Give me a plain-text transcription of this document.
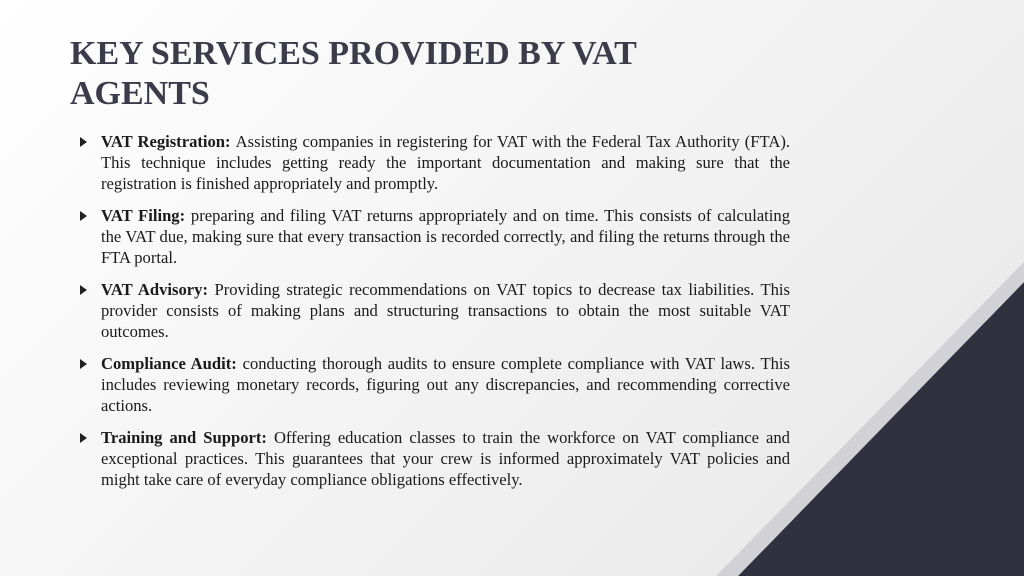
KEY SERVICES PROVIDED BY VAT AGENTS
VAT Registration: Assisting companies in registering for VAT with the Federal Tax Authority (FTA). This technique includes getting ready the important documentation and making sure that the registration is finished appropriately and promptly.
VAT Filing: preparing and filing VAT returns appropriately and on time. This consists of calculating the VAT due, making sure that every transaction is recorded correctly, and filing the returns through the FTA portal.
VAT Advisory: Providing strategic recommendations on VAT topics to decrease tax liabilities. This provider consists of making plans and structuring transactions to obtain the most suitable VAT outcomes.
Compliance Audit: conducting thorough audits to ensure complete compliance with VAT laws. This includes reviewing monetary records, figuring out any discrepancies, and recommending corrective actions.
Training and Support: Offering education classes to train the workforce on VAT compliance and exceptional practices. This guarantees that your crew is informed approximately VAT policies and might take care of everyday compliance obligations effectively.
